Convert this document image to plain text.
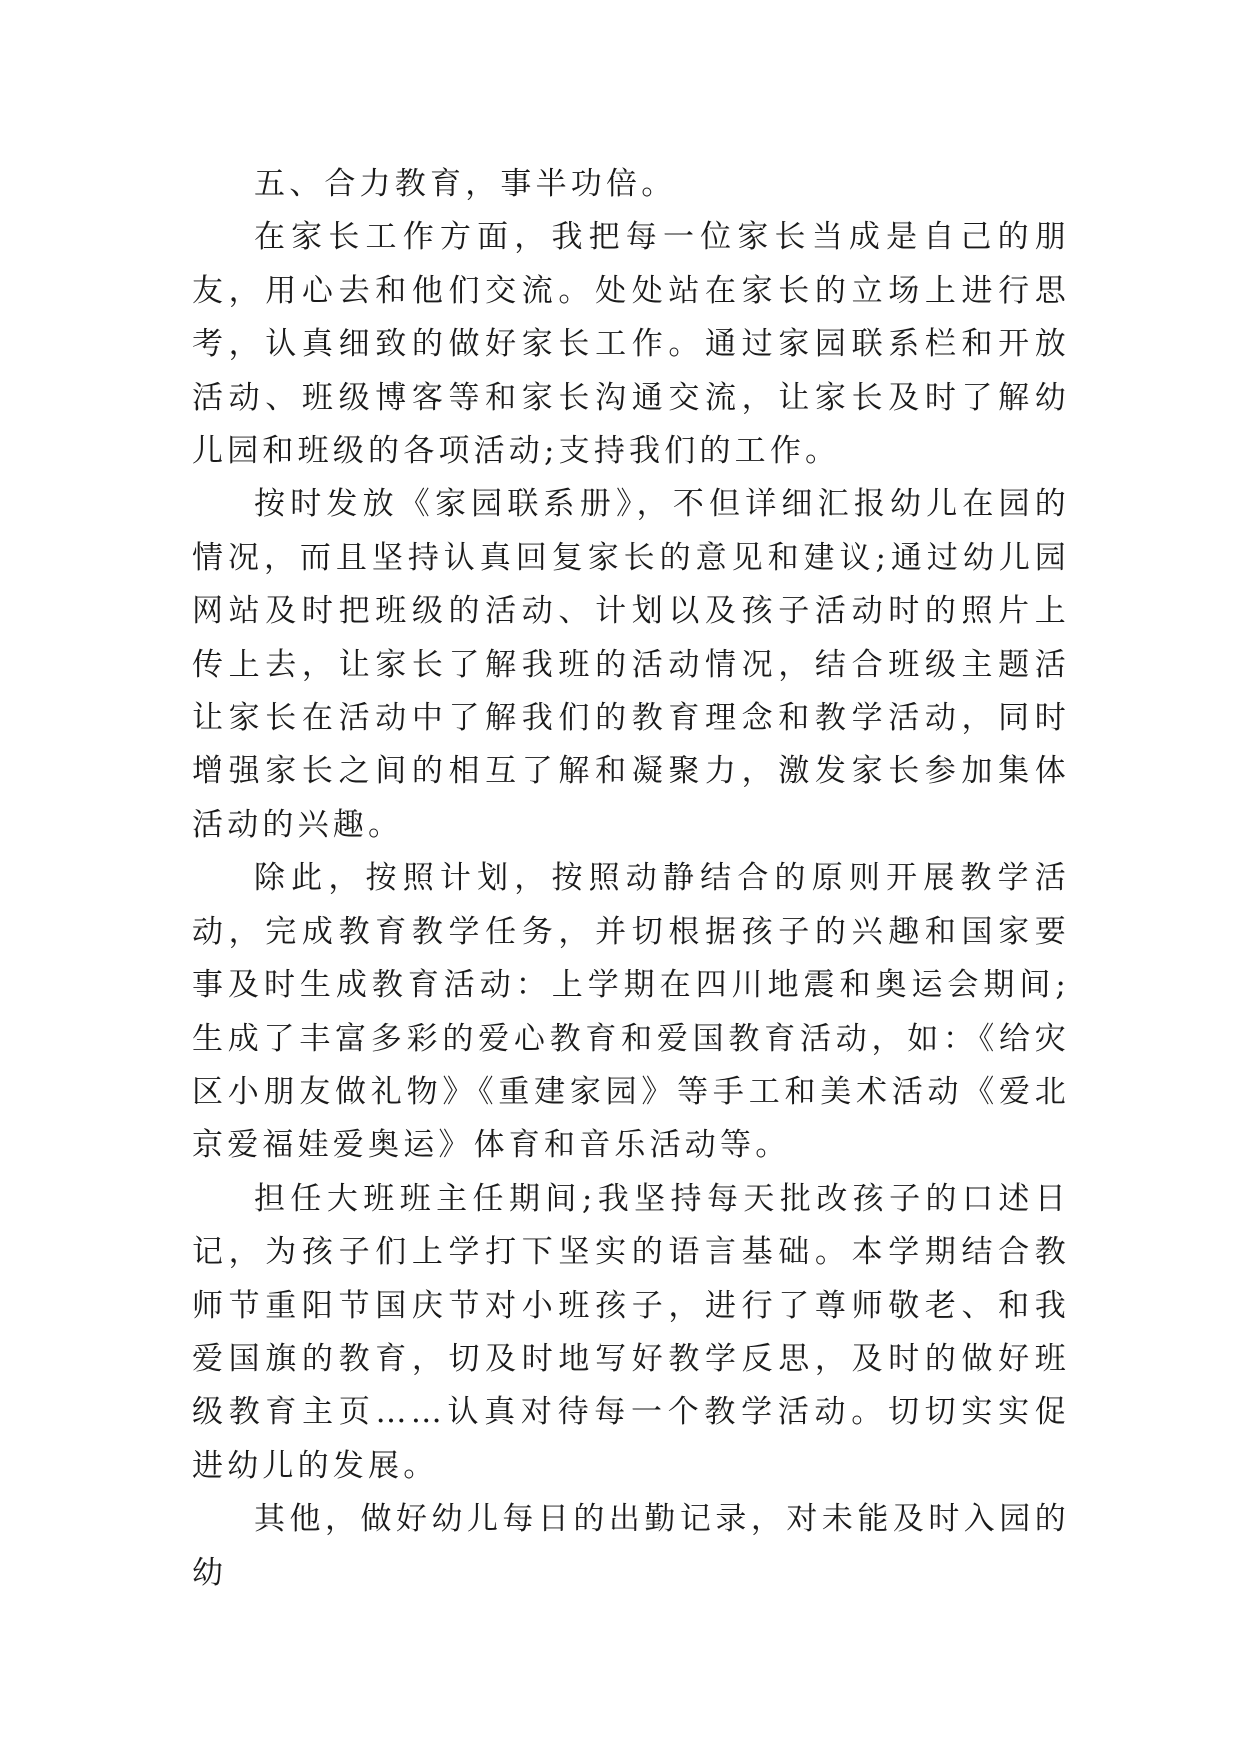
五、合力教育，事半功倍。

在家长工作方面，我把每一位家长当成是自己的朋友，用心去和他们交流。处处站在家长的立场上进行思考，认真细致的做好家长工作。通过家园联系栏和开放活动、班级博客等和家长沟通交流，让家长及时了解幼儿园和班级的各项活动;支持我们的工作。

按时发放《家园联系册》，不但详细汇报幼儿在园的情况，而且坚持认真回复家长的意见和建议;通过幼儿园网站及时把班级的活动、计划以及孩子活动时的照片上传上去，让家长了解我班的活动情况，结合班级主题活让家长在活动中了解我们的教育理念和教学活动，同时增强家长之间的相互了解和凝聚力，激发家长参加集体活动的兴趣。

除此，按照计划，按照动静结合的原则开展教学活动，完成教育教学任务，并切根据孩子的兴趣和国家要事及时生成教育活动：上学期在四川地震和奥运会期间;生成了丰富多彩的爱心教育和爱国教育活动，如：《给灾区小朋友做礼物》《重建家园》等手工和美术活动《爱北京爱福娃爱奥运》体育和音乐活动等。

担任大班班主任期间;我坚持每天批改孩子的口述日记，为孩子们上学打下坚实的语言基础。本学期结合教师节重阳节国庆节对小班孩子，进行了尊师敬老、和我爱国旗的教育，切及时地写好教学反思，及时的做好班级教育主页……认真对待每一个教学活动。切切实实促进幼儿的发展。

其他，做好幼儿每日的出勤记录，对未能及时入园的幼
